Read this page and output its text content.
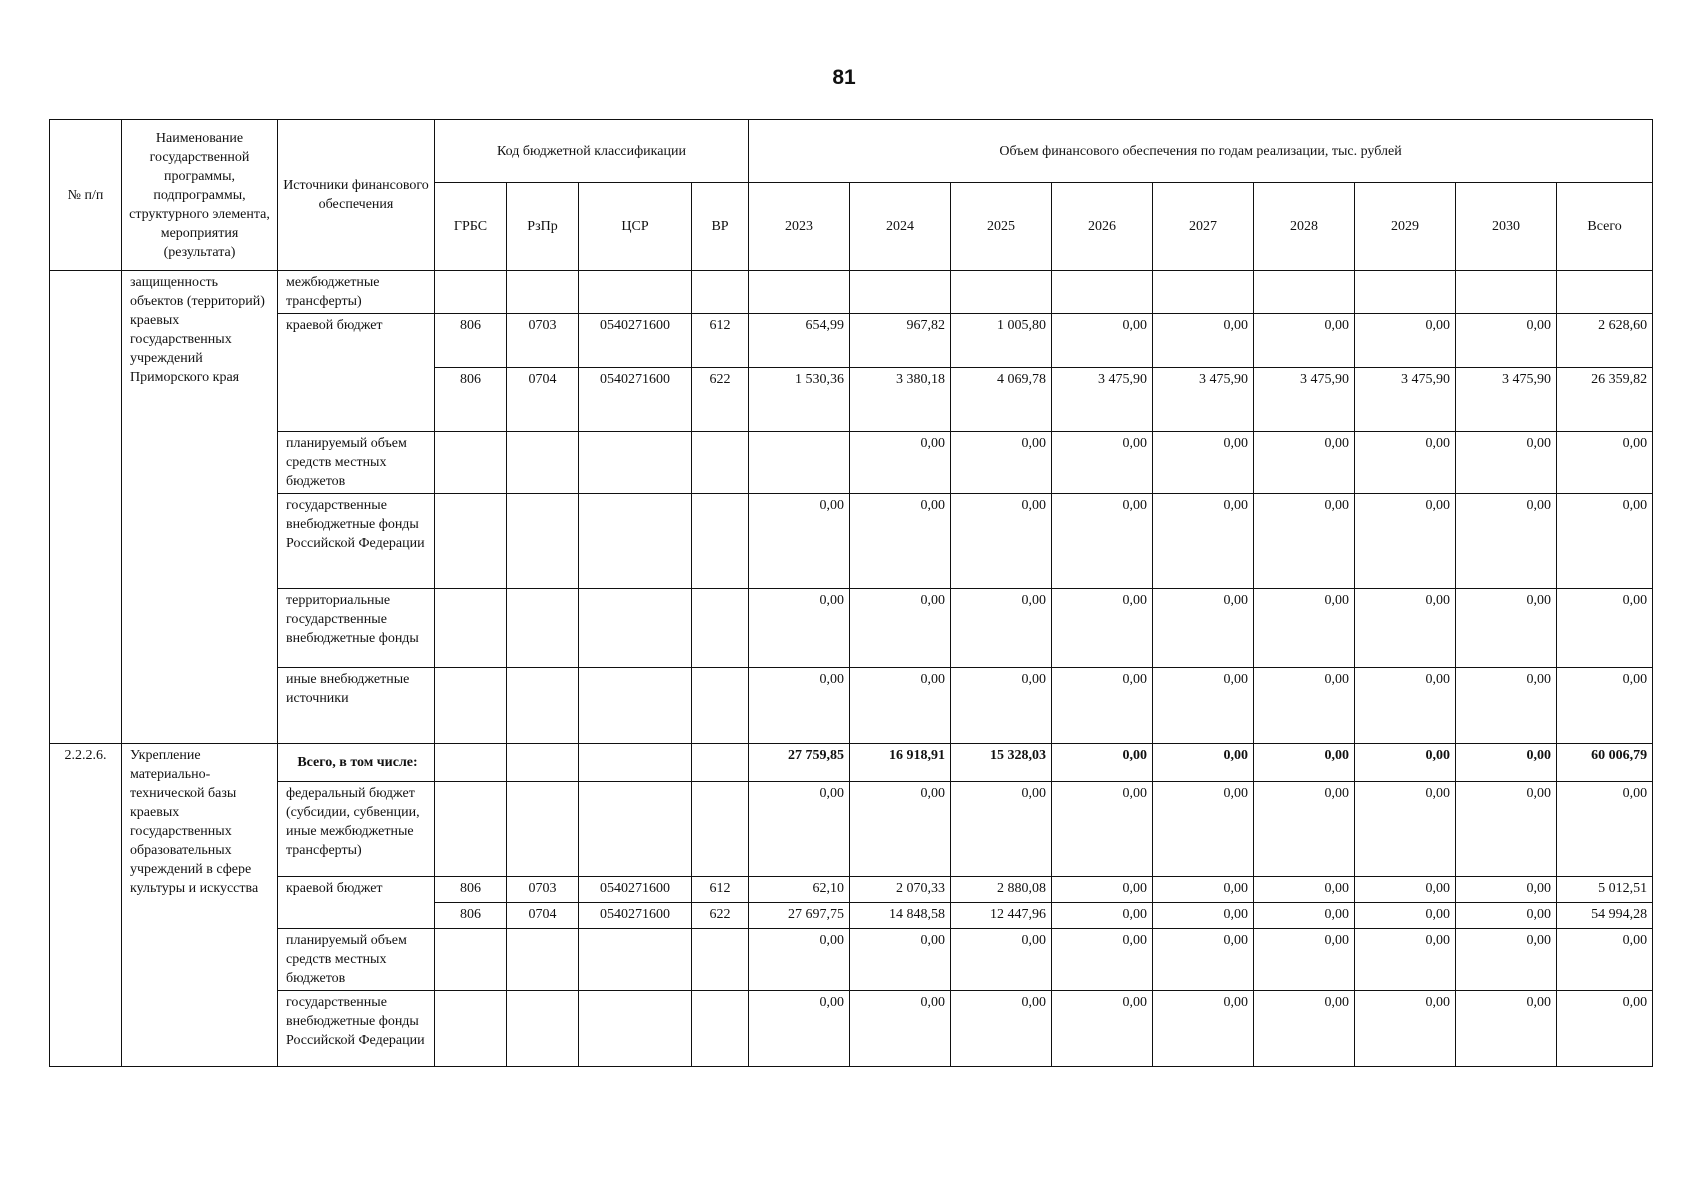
81
№ п/п	Наименование государственной программы, подпрограммы, структурного элемента, мероприятия (результата)	Источники финансового обеспечения	Код бюджетной классификации				Объем финансового обеспечения по годам реализации, тыс. рублей								
			ГРБС	РзПр	ЦСР	ВР	2023	2024	2025	2026	2027	2028	2029	2030	Всего
	защищенность объектов (территорий) краевых государственных учреждений Приморского края	межбюджетные трансферты)													
		краевой бюджет	806	0703	0540271600	612	654,99	967,82	1 005,80	0,00	0,00	0,00	0,00	0,00	2 628,60
			806	0704	0540271600	622	1 530,36	3 380,18	4 069,78	3 475,90	3 475,90	3 475,90	3 475,90	3 475,90	26 359,82
		планируемый объем средств местных бюджетов						0,00	0,00	0,00	0,00	0,00	0,00	0,00	0,00
		государственные внебюджетные фонды Российской Федерации					0,00	0,00	0,00	0,00	0,00	0,00	0,00	0,00	0,00
		территориальные государственные внебюджетные фонды					0,00	0,00	0,00	0,00	0,00	0,00	0,00	0,00	0,00
		иные внебюджетные источники					0,00	0,00	0,00	0,00	0,00	0,00	0,00	0,00	0,00
2.2.2.6.	Укрепление материально-технической базы краевых государственных образовательных учреждений в сфере культуры и искусства	Всего, в том числе:					27 759,85	16 918,91	15 328,03	0,00	0,00	0,00	0,00	0,00	60 006,79
		федеральный бюджет (субсидии, субвенции, иные межбюджетные трансферты)					0,00	0,00	0,00	0,00	0,00	0,00	0,00	0,00	0,00
		краевой бюджет	806	0703	0540271600	612	62,10	2 070,33	2 880,08	0,00	0,00	0,00	0,00	0,00	5 012,51
			806	0704	0540271600	622	27 697,75	14 848,58	12 447,96	0,00	0,00	0,00	0,00	0,00	54 994,28
		планируемый объем средств местных бюджетов					0,00	0,00	0,00	0,00	0,00	0,00	0,00	0,00	0,00
		государственные внебюджетные фонды Российской Федерации					0,00	0,00	0,00	0,00	0,00	0,00	0,00	0,00	0,00
